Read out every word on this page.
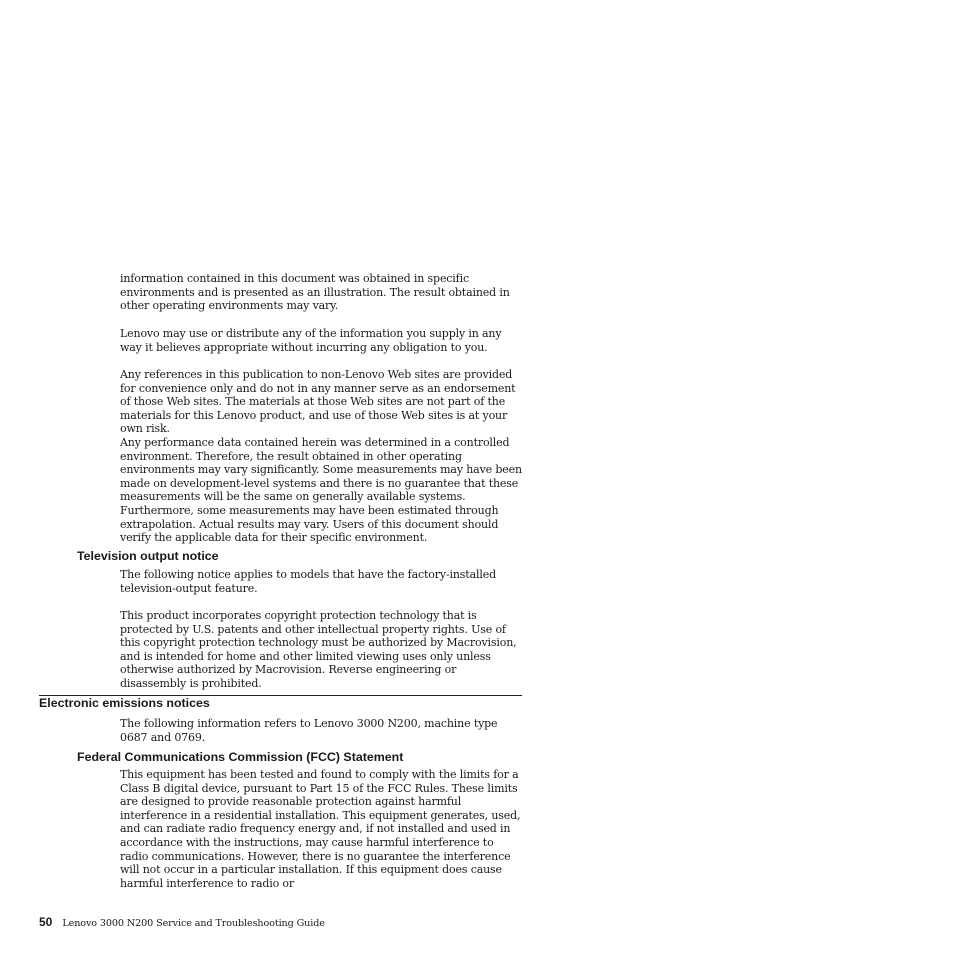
information contained in this document was obtained in specific environments and is presented as an illustration. The result obtained in other operating environments may vary.

Lenovo may use or distribute any of the information you supply in any way it believes appropriate without incurring any obligation to you.

Any references in this publication to non-Lenovo Web sites are provided for convenience only and do not in any manner serve as an endorsement of those Web sites. The materials at those Web sites are not part of the materials for this Lenovo product, and use of those Web sites is at your own risk.

Any performance data contained herein was determined in a controlled environment. Therefore, the result obtained in other operating environments may vary significantly. Some measurements may have been made on development-level systems and there is no guarantee that these measurements will be the same on generally available systems. Furthermore, some measurements may have been estimated through extrapolation. Actual results may vary. Users of this document should verify the applicable data for their specific environment.

Television output notice

The following notice applies to models that have the factory-installed television-output feature.

This product incorporates copyright protection technology that is protected by U.S. patents and other intellectual property rights. Use of this copyright protection technology must be authorized by Macrovision, and is intended for home and other limited viewing uses only unless otherwise authorized by Macrovision. Reverse engineering or disassembly is prohibited.

Electronic emissions notices

The following information refers to Lenovo 3000 N200, machine type 0687 and 0769.

Federal Communications Commission (FCC) Statement

This equipment has been tested and found to comply with the limits for a Class B digital device, pursuant to Part 15 of the FCC Rules. These limits are designed to provide reasonable protection against harmful interference in a residential installation. This equipment generates, used, and can radiate radio frequency energy and, if not installed and used in accordance with the instructions, may cause harmful interference to radio communications. However, there is no guarantee the interference will not occur in a particular installation. If this equipment does cause harmful interference to radio or

50 Lenovo 3000 N200 Service and Troubleshooting Guide
